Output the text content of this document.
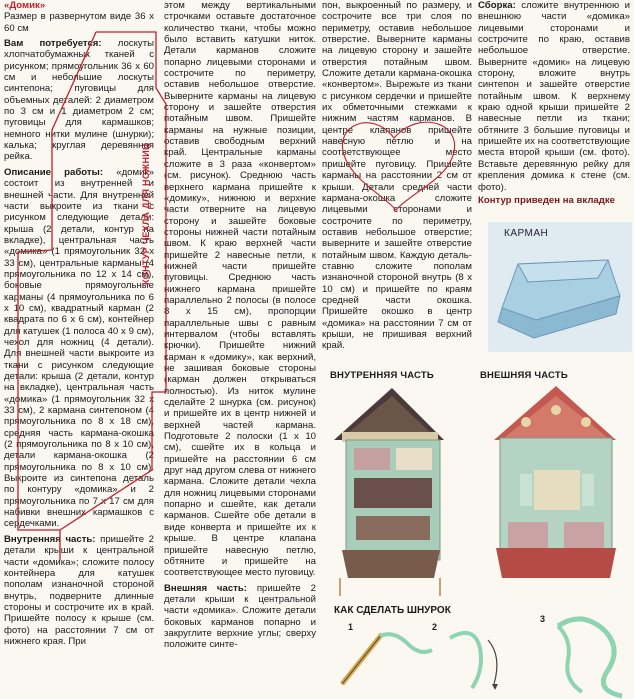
«Домик»

Размер в развернутом виде 36 х 60 см

Вам потребуется: лоскуты хлопчатобумажных тканей с рисунком; прямоугольник 36 х 60 см и небольшие лоскуты синтепона; пуговицы для объемных деталей: 2 диаметром по 3 см и 1 диаметром 2 см; пуговицы для кармашков; немного нитки мулине (шнурки); калька; круглая деревянная рейка.

Описание работы: «домик» состоит из внутренней и внешней части. Для внутренней части выкроите из ткани с рисунком следующие детали: крыша (2 детали, контур на вкладке), центральная часть «домика» (1 прямоугольник 32 х 33 см), центральные карманы (4 прямоугольника по 12 х 14 см), боковые прямоугольные карманы (4 прямоугольника по 6 х 10 см), квадратный карман (2 квадрата по 6 х 6 см), контейнер для катушек (1 полоса 40 х 9 см), чехол для ножниц (4 детали). Для внешней части выкроите из ткани с рисунком следующие детали: крыша (2 детали, контур на вкладке), центральная часть «домика» (1 прямоугольник 32 х 33 см), 2 кармана синтепоном (4 прямоугольника по 8 х 18 см), средняя часть кармана-окошка (2 прямоугольника по 8 х 10 см), детали кармана-окошка (2 прямоугольника по 8 х 10 см). Выкроите из синтепона деталь по контуру «домика» и 2 прямоугольника по 7 х 17 см для набивки внешних кармашков с сердечками.

Внутренняя часть: пришейте 2 детали крыши к центральной части «домика»; сложите полосу контейнера для катушек пополам изнаночной стороной внутрь, подверните длинные стороны и сострочите их в край. Пришейте полосу к крыше (см. фото) на расстоянии 7 см от нижнего края. При

этом между вертикальными строчками оставьте достаточное количество ткани, чтобы можно было вставить катушки ниток. Детали карманов сложите попарно лицевыми сторонами и сострочите по периметру, оставив небольшое отверстие. Выверните карманы на лицевую сторону и зашейте отверстия потайным швом. Пришейте карманы на нужные позиции, оставив свободным верхний край. Центральные карманы сложите в 3 раза «конвертом» (см. рисунок). Среднюю часть верхнего кармана пришейте к «домику», нижнюю и верхние части отверните на лицевую сторону и зашейте боковые стороны нижней части потайным швом. К краю верхней части пришейте 2 навесные петли, к нижней части пришейте пуговицы. Среднюю часть нижнего кармана пришейте параллельно 2 полосы (в полосе 8 х 15 см), пропорции параллельные швы с равным интервалом (чтобы вставлять крючки). Пришейте нижний карман к «домику», как верхний, не зашивая боковые стороны (карман должен открываться полностью). Из ниток мулине сделайте 2 шнурка (см. рисунок) и пришейте их в центр нижней и верхней частей кармана. Подготовьте 2 полоски (1 х 10 см), сшейте их в кольца и пришейте на расстоянии 6 см друг над другом слева от нижнего кармана. Сложите детали чехла для ножниц лицевыми сторонами попарно и сшейте, как детали карманов. Сшейте обе детали в виде конверта и пришейте их к крыше. В центре клапана пришейте навесную петлю, обтяните и пришейте на соответствующее место пуговицу.

Внешняя часть: пришейте 2 детали крыши к центральной части «домика». Сложите детали боковых карманов попарно и закруглите верхние углы; сверху положите синте-

пон, выкроенный по размеру, и сострочите все три слоя по периметру, оставив небольшое отверстие. Выверните карманы на лицевую сторону и зашейте отверстия потайным швом. Сложите детали кармана-окошка «конвертом». Вырежьте из ткани с рисунком сердечки и пришейте их обметочными стежками к нижним частям карманов. В центре клапанов пришейте навесную петлю и на соответствующее место пришейте пуговицу. Пришейте карманы на расстоянии 2 см от крыши. Детали средней части кармана-окошка сложите лицевыми сторонами и сострочите по периметру, оставив небольшое отверстие; выверните и зашейте отверстие потайным швом. Каждую деталь-ставню сложите пополам изнаночной стороной внутрь (8 х 10 см) и пришейте по краям средней части окошка. Пришейте окошко в центр «домика» на расстоянии 7 см от крыши, не пришивая верхний край.

Сборка: сложите внутреннюю и внешнюю части «домика» лицевыми сторонами и сострочите по краю, оставив небольшое отверстие. Выверните «домик» на лицевую сторону, вложите внутрь синтепон и зашейте отверстие потайным швом. К верхнему краю одной крыши пришейте 2 навесные петли из ткани; обтяните 3 большие пуговицы и пришейте их на соответствующие места второй крыши (см. фото). Вставьте деревянную рейку для крепления домика к стене (см. фото).

Контур приведен на вкладке

КОНТУР ЧЕХЛА ДЛЯ НОЖНИЦ	КАРМАН
ВНУТРЕННЯЯ ЧАСТЬ	ВНЕШНЯЯ ЧАСТЬ
КАК СДЕЛАТЬ ШНУРОК
1	2
3
